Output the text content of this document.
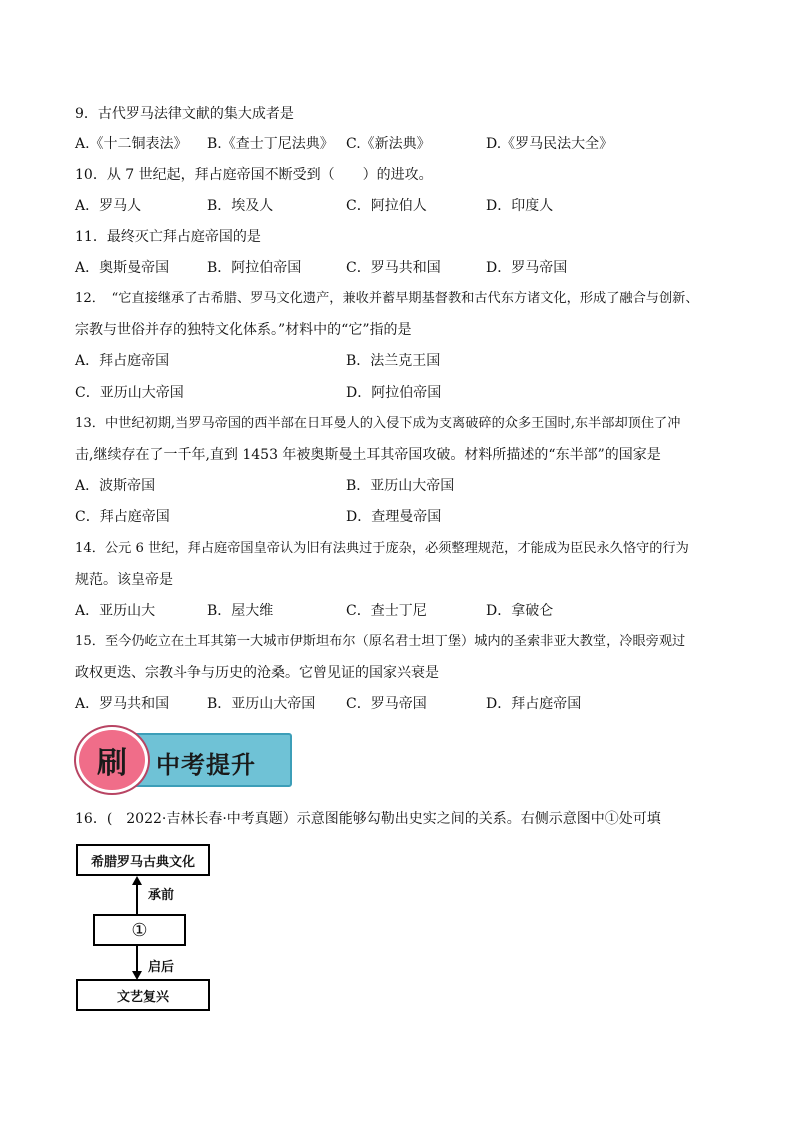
9．古代罗马法律文献的集大成者是
A.《十二铜表法》 B.《查士丁尼法典》 C.《新法典》	D.《罗马民法大全》
10．从 7 世纪起，拜占庭帝国不断受到（　　）的进攻。
A．罗马人	B．埃及人	C．阿拉伯人	D．印度人
11．最终灭亡拜占庭帝国的是
A．奥斯曼帝国	B．阿拉伯帝国	C．罗马共和国	D．罗马帝国
12．　“它直接继承了古希腊、罗马文化遗产，兼收并蓄早期基督教和古代东方诸文化，形成了融合与创新、
宗教与世俗并存的独特文化体系。”材料中的“它”指的是
A．拜占庭帝国	B．法兰克王国
C．亚历山大帝国	D．阿拉伯帝国
13．中世纪初期,当罗马帝国的西半部在日耳曼人的入侵下成为支离破碎的众多王国时,东半部却顶住了冲
击,继续存在了一千年,直到 1453 年被奥斯曼土耳其帝国攻破。材料所描述的“东半部”的国家是
A．波斯帝国	B．亚历山大帝国
C．拜占庭帝国	D．查理曼帝国
14．公元 6 世纪，拜占庭帝国皇帝认为旧有法典过于庞杂，必须整理规范，才能成为臣民永久恪守的行为
规范。该皇帝是
A．亚历山大	B．屋大维	C．查士丁尼	D．拿破仑
15．至今仍屹立在土耳其第一大城市伊斯坦布尔（原名君士坦丁堡）城内的圣索非亚大教堂，冷眼旁观过
政权更迭、宗教斗争与历史的沧桑。它曾见证的国家兴衰是
A．罗马共和国	B．亚历山大帝国 C．罗马帝国	D．拜占庭帝国
刷 中考提升
16．(　2022·吉林长春·中考真题）示意图能够勾勒出史实之间的关系。右侧示意图中①处可填
希腊罗马古典文化
承前
①
启后
文艺复兴
